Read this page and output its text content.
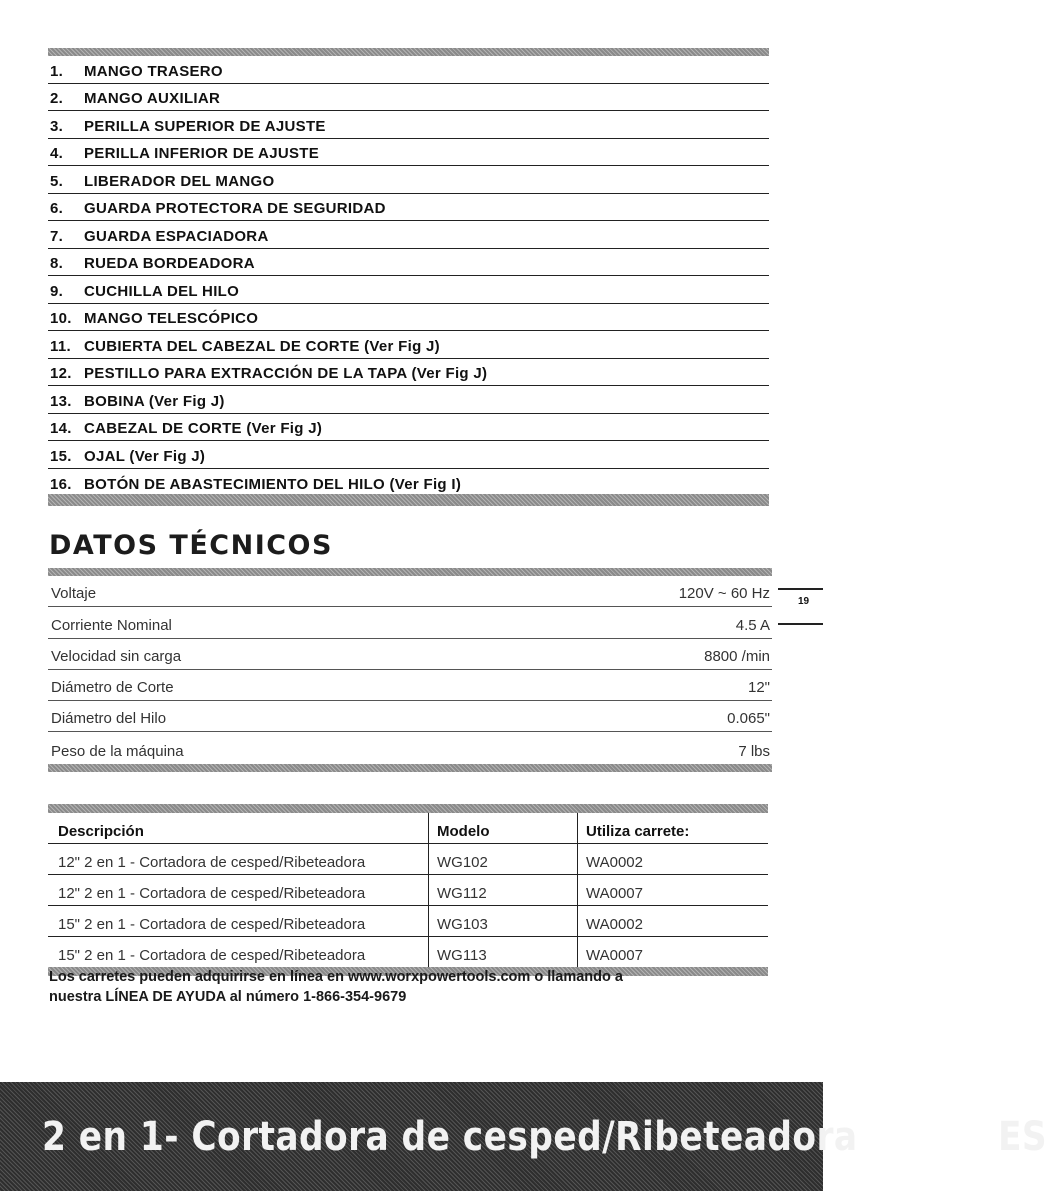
1.	MANGO TRASERO
2.	MANGO AUXILIAR
3.	PERILLA SUPERIOR DE AJUSTE
4.	PERILLA INFERIOR DE AJUSTE
5.	LIBERADOR DEL MANGO
6.	GUARDA PROTECTORA DE SEGURIDAD
7.	GUARDA ESPACIADORA
8.	RUEDA BORDEADORA
9.	CUCHILLA DEL HILO
10. MANGO TELESCÓPICO
11. CUBIERTA DEL CABEZAL DE CORTE (Ver Fig J)
12. PESTILLO PARA EXTRACCIÓN DE LA TAPA (Ver Fig J)
13. BOBINA (Ver Fig J)
14. CABEZAL DE CORTE (Ver Fig J)
15. OJAL (Ver Fig J)
16. BOTÓN DE ABASTECIMIENTO DEL HILO (Ver Fig I)
DATOS TÉCNICOS
Voltaje	120V ~ 60 Hz
Corriente Nominal	4.5 A
Velocidad sin carga	8800 /min
Diámetro de Corte	12"
Diámetro del Hilo	0.065"
Peso de la máquina	7 lbs
19
Descripción	Modelo	Utiliza carrete:
12" 2 en 1 - Cortadora de cesped/Ribeteadora	WG102	WA0002
12" 2 en 1 - Cortadora de cesped/Ribeteadora	WG112	WA0007
15" 2 en 1 - Cortadora de cesped/Ribeteadora	WG103	WA0002
15" 2 en 1 - Cortadora de cesped/Ribeteadora	WG113	WA0007
Los carretes pueden adquirirse en línea en www.worxpowertools.com o llamando a
nuestra LÍNEA DE AYUDA al número 1-866-354-9679
2 en 1- Cortadora de cesped/Ribeteadora	ES
